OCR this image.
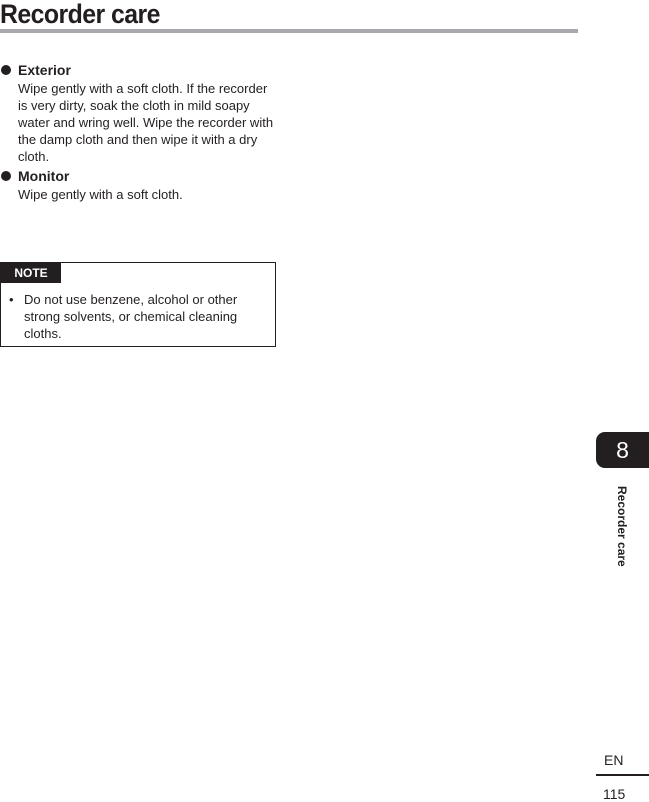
Recorder care
Exterior

Wipe gently with a soft cloth. If the recorder is very dirty, soak the cloth in mild soapy water and wring well. Wipe the recorder with the damp cloth and then wipe it with a dry cloth.

Monitor

Wipe gently with a soft cloth.

NOTE
• Do not use benzene, alcohol or other strong solvents, or chemical cleaning cloths.
8
Recorder care
EN
115
